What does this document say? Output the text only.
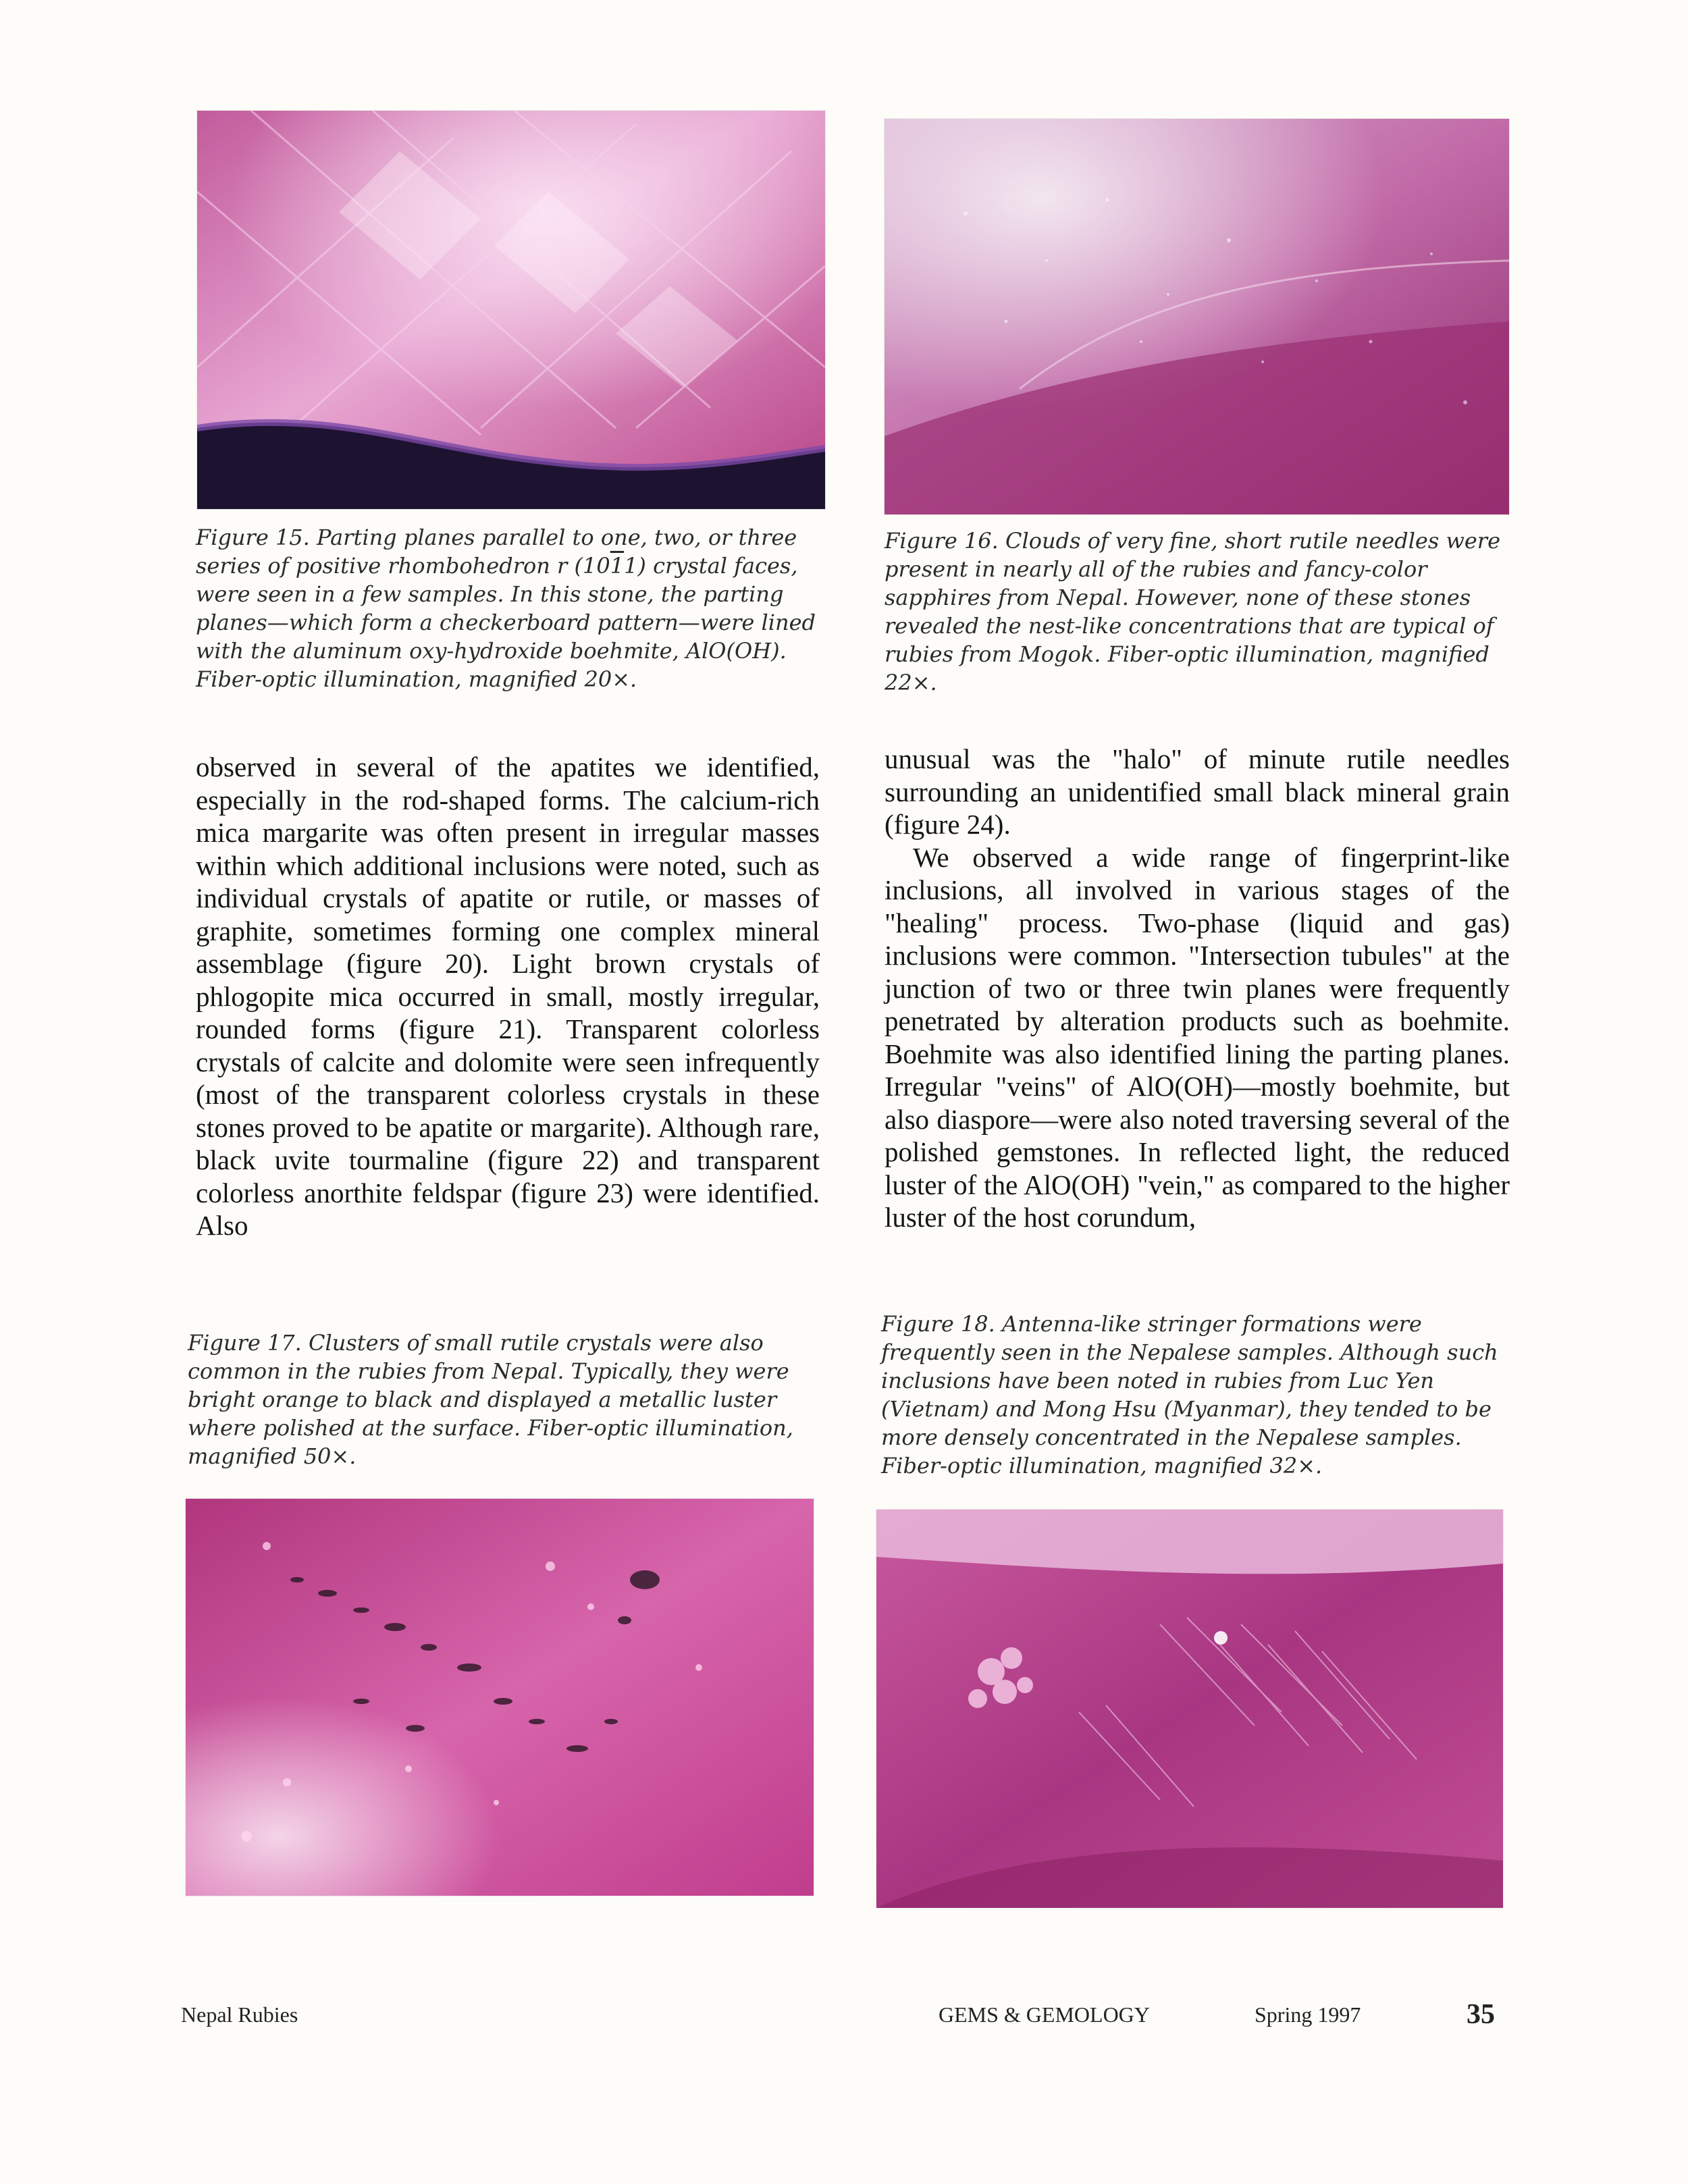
Figure 15. Parting planes parallel to one, two, or three series of positive rhombohedron r (1011) crystal faces, were seen in a few samples. In this stone, the parting planes—which form a checkerboard pattern—were lined with the aluminum oxy-hydroxide boehmite, AlO(OH). Fiber-optic illumination, magnified 20×.

Figure 16. Clouds of very fine, short rutile needles were present in nearly all of the rubies and fancy-color sapphires from Nepal. However, none of these stones revealed the nest-like concentrations that are typical of rubies from Mogok. Fiber-optic illumination, magnified 22×.

observed in several of the apatites we identified, especially in the rod-shaped forms. The calcium-rich mica margarite was often present in irregular masses within which additional inclusions were noted, such as individual crystals of apatite or rutile, or masses of graphite, sometimes forming one complex mineral assemblage (figure 20). Light brown crystals of phlogopite mica occurred in small, mostly irregular, rounded forms (figure 21). Transparent colorless crystals of calcite and dolomite were seen infrequently (most of the transparent colorless crystals in these stones proved to be apatite or margarite). Although rare, black uvite tourmaline (figure 22) and transparent colorless anorthite feldspar (figure 23) were identified. Also

unusual was the "halo" of minute rutile needles surrounding an unidentified small black mineral grain (figure 24).

We observed a wide range of fingerprint-like inclusions, all involved in various stages of the "healing" process. Two-phase (liquid and gas) inclusions were common. "Intersection tubules" at the junction of two or three twin planes were frequently penetrated by alteration products such as boehmite. Boehmite was also identified lining the parting planes. Irregular "veins" of AlO(OH)—mostly boehmite, but also diaspore—were also noted traversing several of the polished gemstones. In reflected light, the reduced luster of the AlO(OH) "vein," as compared to the higher luster of the host corundum,

Figure 17. Clusters of small rutile crystals were also common in the rubies from Nepal. Typically, they were bright orange to black and displayed a metallic luster where polished at the surface. Fiber-optic illumination, magnified 50×.

Figure 18. Antenna-like stringer formations were frequently seen in the Nepalese samples. Although such inclusions have been noted in rubies from Luc Yen (Vietnam) and Mong Hsu (Myanmar), they tended to be more densely concentrated in the Nepalese samples. Fiber-optic illumination, magnified 32×.

Nepal Rubies	GEMS & GEMOLOGY	Spring 1997	35
